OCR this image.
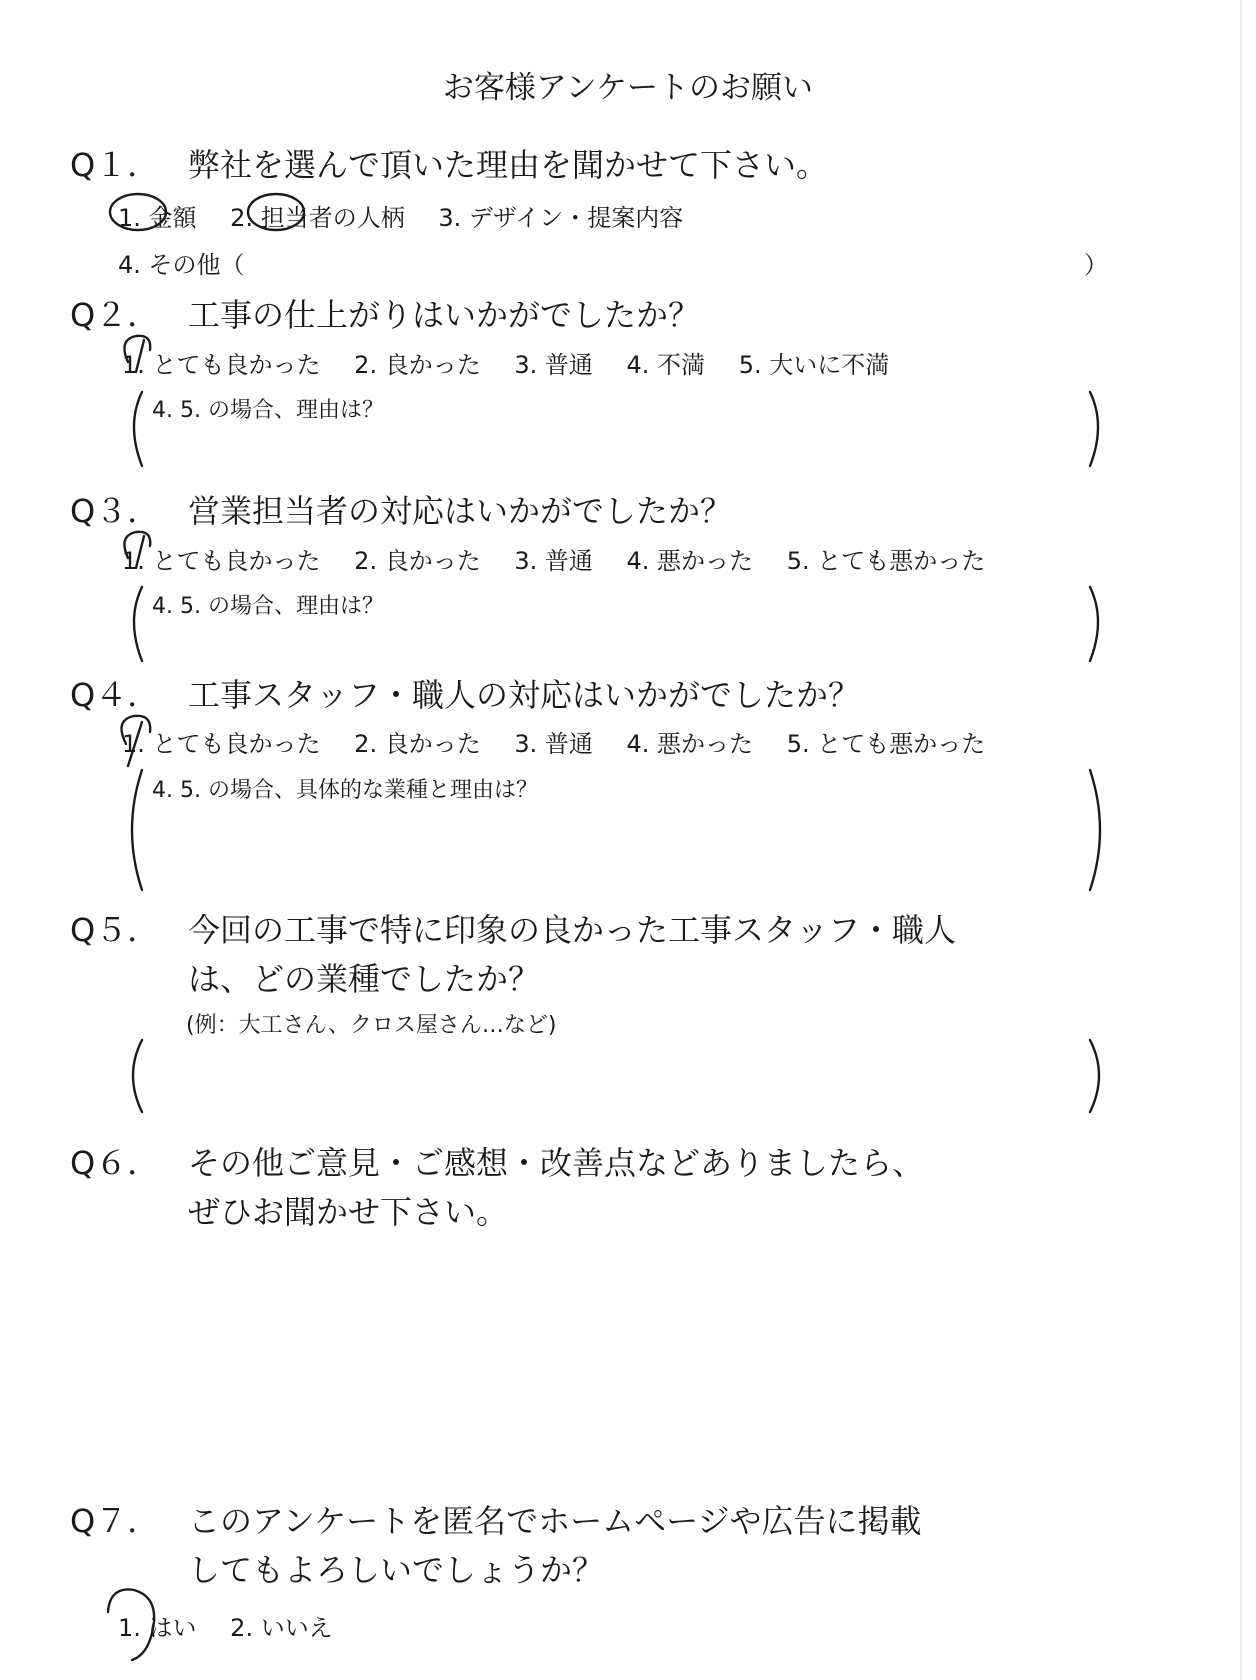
お客様アンケートのお願い
Q１． 弊社を選んで頂いた理由を聞かせて下さい。
1. 金額 2. 担当者の人柄 3. デザイン・提案内容
4. その他（	）
Q２． 工事の仕上がりはいかがでしたか？
1. とても良かった 2. 良かった 3. 普通 4. 不満 5. 大いに不満
4. 5. の場合、理由は？
Q３． 営業担当者の対応はいかがでしたか？
1. とても良かった 2. 良かった 3. 普通 4. 悪かった 5. とても悪かった
4. 5. の場合、理由は？
Q４． 工事スタッフ・職人の対応はいかがでしたか？
1. とても良かった 2. 良かった 3. 普通 4. 悪かった 5. とても悪かった
4. 5. の場合、具体的な業種と理由は？
Q５． 今回の工事で特に印象の良かった工事スタッフ・職人
は、どの業種でしたか？
(例：大工さん、クロス屋さん…など)
Q６． その他ご意見・ご感想・改善点などありましたら、
ぜひお聞かせ下さい。
Q７． このアンケートを匿名でホームページや広告に掲載
してもよろしいでしょうか？
1. はい 2. いいえ
